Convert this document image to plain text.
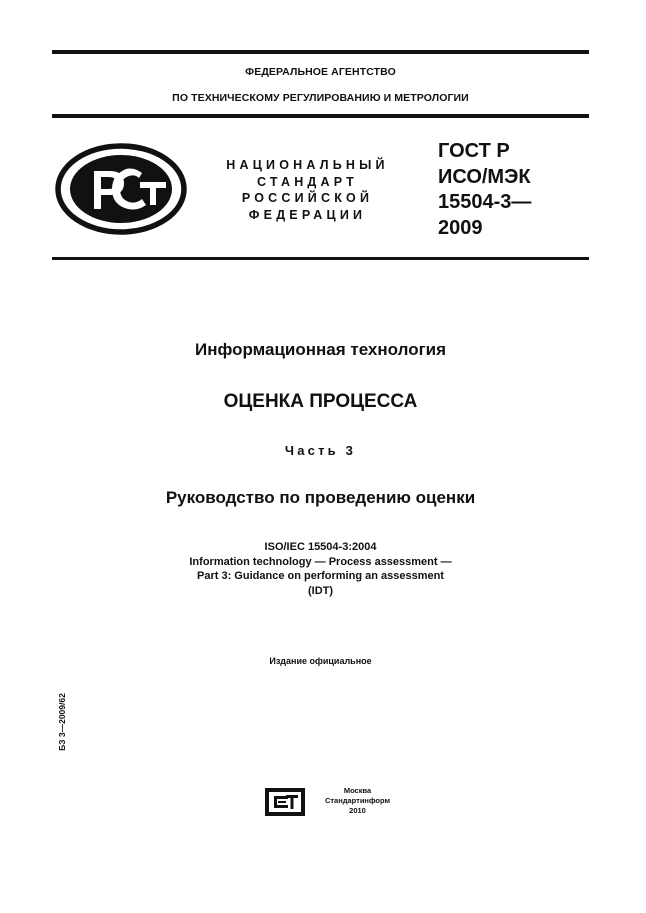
ФЕДЕРАЛЬНОЕ АГЕНТСТВО
ПО ТЕХНИЧЕСКОМУ РЕГУЛИРОВАНИЮ И МЕТРОЛОГИИ
НАЦИОНАЛЬНЫЙ
СТАНДАРТ
РОССИЙСКОЙ
ФЕДЕРАЦИИ
ГОСТ Р
ИСО/МЭК
15504-3—
2009
Информационная технология
ОЦЕНКА ПРОЦЕССА
Часть 3
Руководство по проведению оценки
ISO/IEC 15504-3:2004
Information technology — Process assessment —
Part 3: Guidance on performing an assessment
(IDT)
Издание официальное
БЗ 3—2009/62
Москва
Стандартинформ
2010
